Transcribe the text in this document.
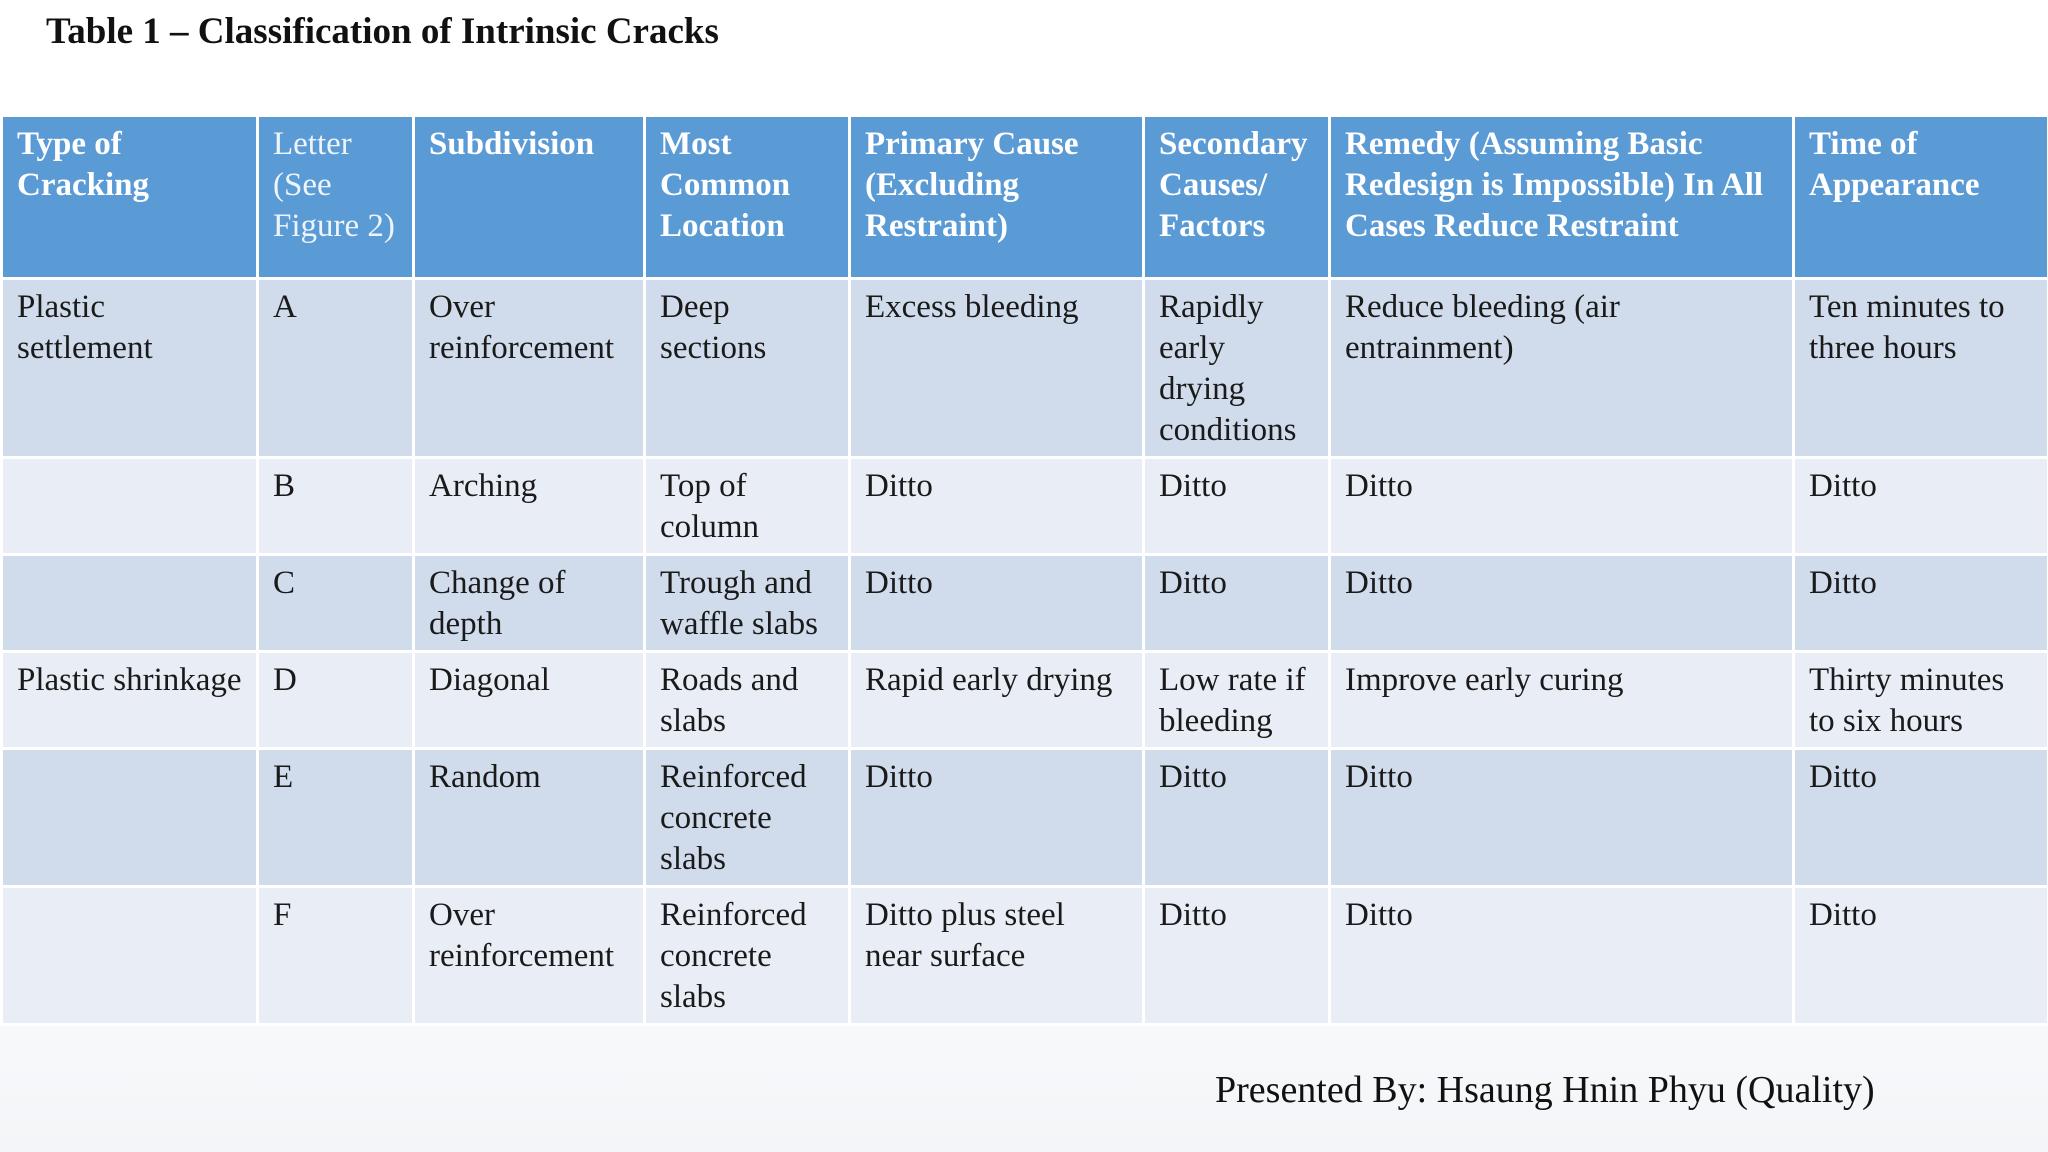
Table 1 – Classification of Intrinsic Cracks
Type of Cracking	Letter (See Figure 2)	Subdivision	Most Common Location	Primary Cause (Excluding Restraint)	Secondary Causes/ Factors	Remedy (Assuming Basic Redesign is Impossible) In All Cases Reduce Restraint	Time of Appearance
Plastic settlement	A	Over reinforcement	Deep sections	Excess bleeding	Rapidly early drying conditions	Reduce bleeding (air entrainment)	Ten minutes to three hours
	B	Arching	Top of column	Ditto	Ditto	Ditto	Ditto
	C	Change of depth	Trough and waffle slabs	Ditto	Ditto	Ditto	Ditto
Plastic shrinkage	D	Diagonal	Roads and slabs	Rapid early drying	Low rate if bleeding	Improve early curing	Thirty minutes to six hours
	E	Random	Reinforced concrete slabs	Ditto	Ditto	Ditto	Ditto
	F	Over reinforcement	Reinforced concrete slabs	Ditto plus steel near surface	Ditto	Ditto	Ditto
Presented By: Hsaung Hnin Phyu (Quality)
